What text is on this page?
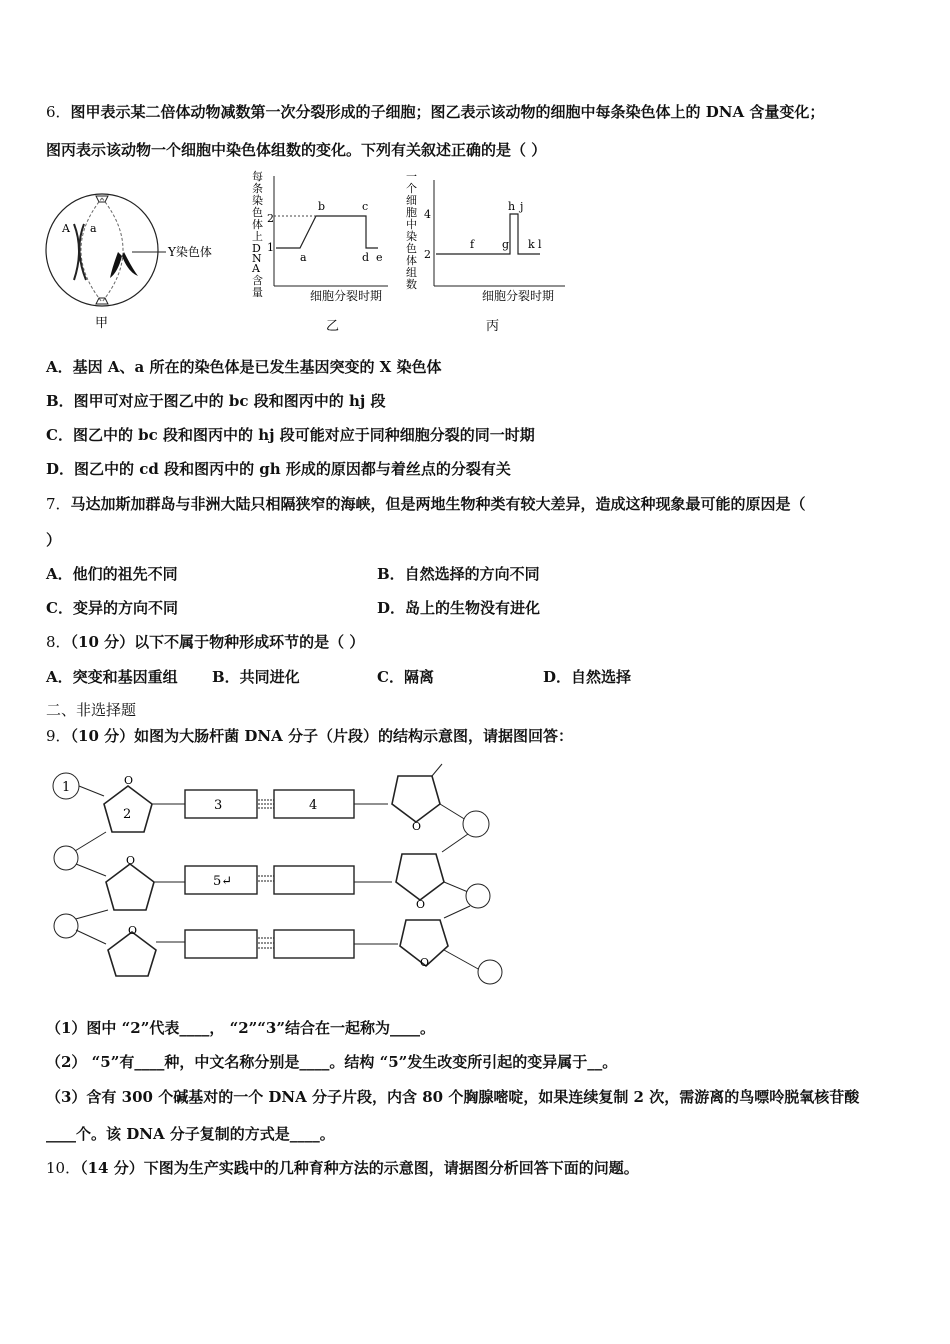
6．图甲表示某二倍体动物减数第一次分裂形成的子细胞；图乙表示该动物的细胞中每条染色体上的 DNA 含量变化；
图丙表示该动物一个细胞中染色体组数的变化。下列有关叙述正确的是（ ）
A a
Y染色体
甲
每条染色体上 D N A 含量
2
1
a
b	c
d e
细胞分裂时期
乙
一个细胞中染色体组数
4
2
f	g
h j
k l
细胞分裂时期
丙
A．基因 A、a 所在的染色体是已发生基因突变的 X 染色体
B．图甲可对应于图乙中的 bc 段和图丙中的 hj 段
C．图乙中的 bc 段和图丙中的 hj 段可能对应于同种细胞分裂的同一时期
D．图乙中的 cd 段和图丙中的 gh 形成的原因都与着丝点的分裂有关
7．马达加斯加群岛与非洲大陆只相隔狭窄的海峡，但是两地生物种类有较大差异，造成这种现象最可能的原因是（
）
A．他们的祖先不同	B．自然选择的方向不同
C．变异的方向不同	D．岛上的生物没有进化
8．（10 分）以下不属于物种形成环节的是（ ）
A．突变和基因重组 B．共同进化	C．隔离	D．自然选择
二、非选择题
9．（10 分）如图为大肠杆菌 DNA 分子（片段）的结构示意图，请据图回答：
1	O
2
O
O
3	4
5↵
O
O
O
（1）图中 “2”代表____， “2”“3”结合在一起称为____。
（2） “5”有____种，中文名称分别是____。结构 “5”发生改变所引起的变异属于__。
（3）含有 300 个碱基对的一个 DNA 分子片段，内含 80 个胸腺嘧啶，如果连续复制 2 次，需游离的鸟嘌呤脱氧核苷酸
____个。该 DNA 分子复制的方式是____。
10．（14 分）下图为生产实践中的几种育种方法的示意图，请据图分析回答下面的问题。
